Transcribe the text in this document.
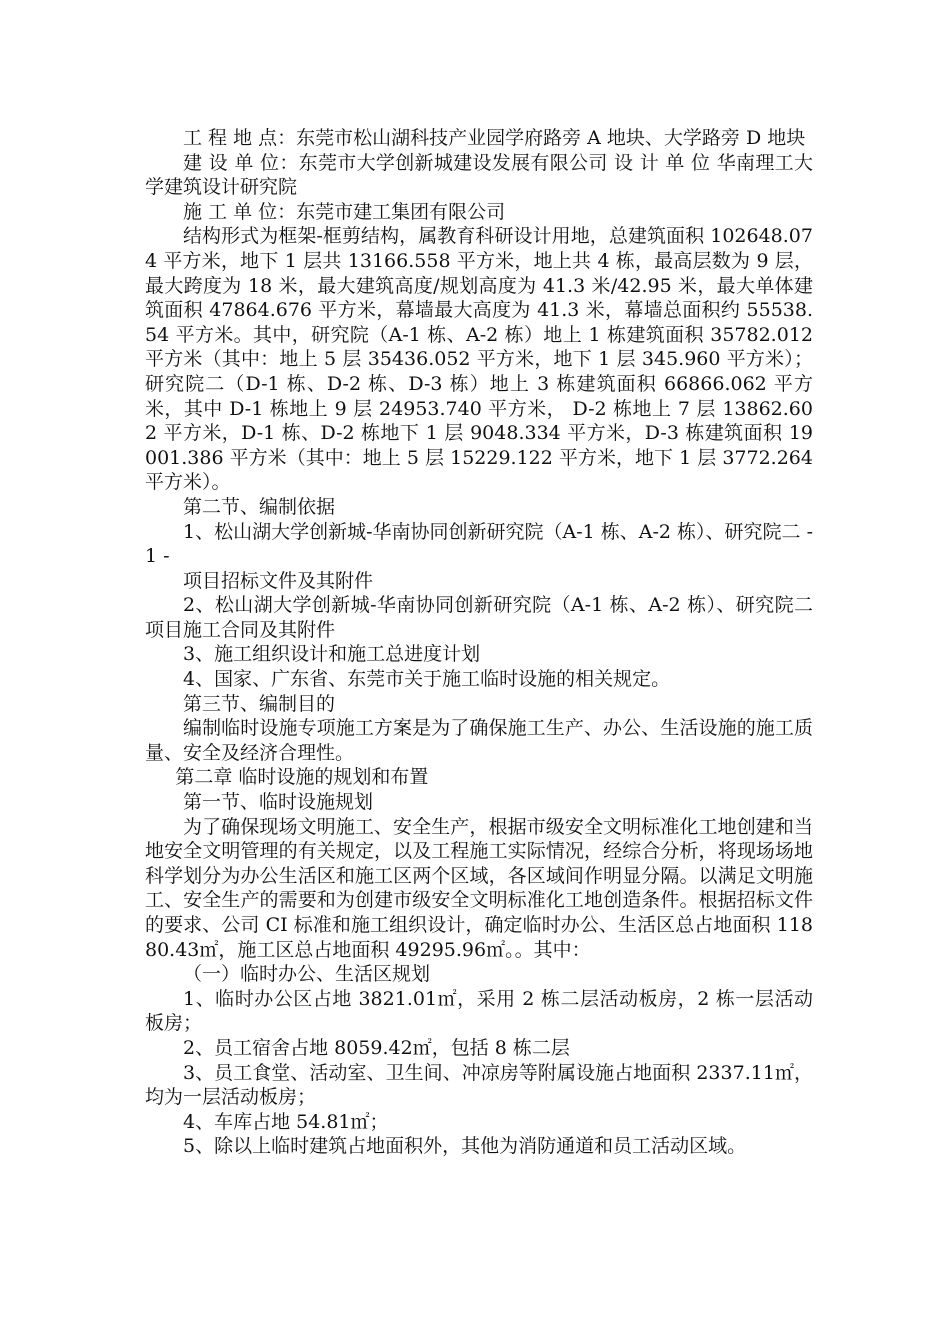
工 程 地 点：东莞市松山湖科技产业园学府路旁 A 地块、大学路旁 D 地块

建 设 单 位：东莞市大学创新城建设发展有限公司 设 计 单 位 华南理工大学建筑设计研究院

施 工 单 位：东莞市建工集团有限公司

结构形式为框架-框剪结构，属教育科研设计用地，总建筑面积 102648.074 平方米，地下 1 层共 13166.558 平方米，地上共 4 栋，最高层数为 9 层，最大跨度为 18 米，最大建筑高度/规划高度为 41.3 米/42.95 米，最大单体建筑面积 47864.676 平方米，幕墙最大高度为 41.3 米，幕墙总面积约 55538.54 平方米。其中，研究院（A-1 栋、A-2 栋）地上 1 栋建筑面积 35782.012 平方米（其中：地上 5 层 35436.052 平方米，地下 1 层 345.960 平方米）；研究院二（D-1 栋、D-2 栋、D-3 栋）地上 3 栋建筑面积 66866.062 平方米，其中 D-1 栋地上 9 层 24953.740 平方米， D-2 栋地上 7 层 13862.602 平方米，D-1 栋、D-2 栋地下 1 层 9048.334 平方米，D-3 栋建筑面积 19001.386 平方米（其中：地上 5 层 15229.122 平方米，地下 1 层 3772.264 平方米）。

第二节、编制依据

1、松山湖大学创新城-华南协同创新研究院（A-1 栋、A-2 栋）、研究院二 - 1 -

项目招标文件及其附件

2、松山湖大学创新城-华南协同创新研究院（A-1 栋、A-2 栋）、研究院二项目施工合同及其附件

3、施工组织设计和施工总进度计划

4、国家、广东省、东莞市关于施工临时设施的相关规定。

第三节、编制目的

编制临时设施专项施工方案是为了确保施工生产、办公、生活设施的施工质量、安全及经济合理性。

第二章 临时设施的规划和布置

第一节、临时设施规划

为了确保现场文明施工、安全生产，根据市级安全文明标准化工地创建和当地安全文明管理的有关规定，以及工程施工实际情况，经综合分析，将现场场地科学划分为办公生活区和施工区两个区域，各区域间作明显分隔。以满足文明施工、安全生产的需要和为创建市级安全文明标准化工地创造条件。根据招标文件的要求、公司 CI 标准和施工组织设计，确定临时办公、生活区总占地面积 11880.43㎡，施工区总占地面积 49295.96㎡。。其中：

（一）临时办公、生活区规划

1、临时办公区占地 3821.01㎡，采用 2 栋二层活动板房，2 栋一层活动板房；

2、员工宿舍占地 8059.42㎡，包括 8 栋二层

3、员工食堂、活动室、卫生间、冲凉房等附属设施占地面积 2337.11㎡，均为一层活动板房；

4、车库占地 54.81㎡；

5、除以上临时建筑占地面积外，其他为消防通道和员工活动区域。
